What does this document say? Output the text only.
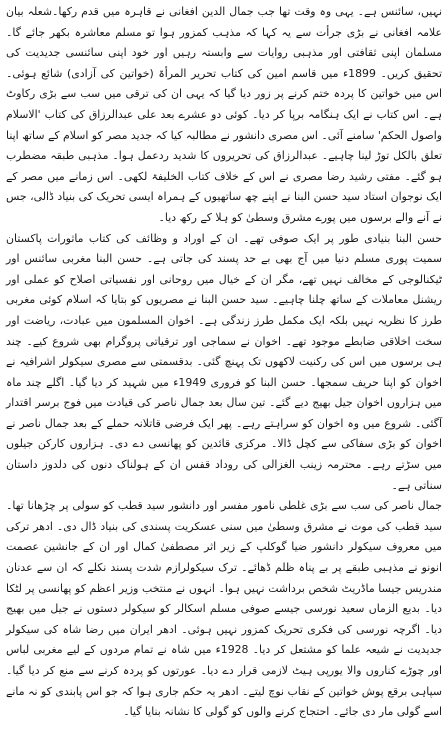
نہیں، سائنس ہے۔ یہی وہ وقت تھا جب جمال الدین افغانی نے قاہرہ میں قدم رکھا۔شعلہ بیان علامہ افغانی نے بڑی جرأت سے یہ کہا کہ مذہب کمزور ہوا تو مسلم معاشرہ بکھر جائے گا۔ مسلمان اپنی ثقافتی اور مذہبی روایات سے وابستہ رہیں اور خود اپنی سائنسی جدیدیت کی تحقیق کریں۔ 1899ء میں قاسم امین کی کتاب تحریر المرأۃ (خواتین کی آزادی) شائع ہوئی۔ اس میں خواتین کا پردہ ختم کرنے پر زور دیا گیا کہ یہی ان کی ترقی میں سب سے بڑی رکاوٹ ہے۔ اس کتاب نے ایک ہنگامہ برپا کر دیا۔ کوئی دو عشرے بعد علی عبدالرزاق کی کتاب 'الاسلام واصول الحکم' سامنے آئی۔ اس مصری دانشور نے مطالبہ کیا کہ جدید مصر کو اسلام کے ساتھ اپنا تعلق بالکل توڑ لینا چاہیے۔ عبدالرزاق کی تحریروں کا شدید ردعمل ہوا۔ مذہبی طبقہ مضطرب ہو گئے۔ مفتی رشید رضا مصری نے اس کے خلاف کتاب الخلیفۃ لکھی۔ اس زمانے میں مصر کے ایک نوجوان استاد سید حسن البنا نے اپنے چھ ساتھیوں کے ہمراہ ایسی تحریک کی بنیاد ڈالی، جس نے آنے والے برسوں میں پورے مشرق وسطیٰ کو ہلا کے رکھ دیا۔

حسن البنا بنیادی طور پر ایک صوفی تھے۔ ان کے اوراد و وظائف کی کتاب ماثورات پاکستان سمیت پوری مسلم دنیا میں آج بھی بے حد پسند کی جاتی ہے۔ حسن البنا مغربی سائنس اور ٹیکنالوجی کے مخالف نہیں تھے، مگر ان کے خیال میں روحانی اور نفسیاتی اصلاح کو عملی اور ریشنل معاملات کے ساتھ چلنا چاہیے۔ سید حسن البنا نے مصریوں کو بتایا کہ اسلام کوئی مغربی طرز کا نظریہ نہیں بلکہ ایک مکمل طرز زندگی ہے۔ اخوان المسلمون میں عبادت، ریاضت اور سخت اخلاقی ضابطے موجود تھے۔ اخوان نے سماجی اور ترقیاتی پروگرام بھی شروع کیے۔ چند ہی برسوں میں اس کی رکنیت لاکھوں تک پہنچ گئی۔ بدقسمتی سے مصری سیکولر اشرافیہ نے اخوان کو اپنا حریف سمجھا۔ حسن البنا کو فروری 1949ء میں شہید کر دیا گیا۔ اگلے چند ماہ میں ہزاروں اخوان جیل بھیج دیے گئے۔ تین سال بعد جمال ناصر کی قیادت میں فوج برسر اقتدار آگئی۔ شروع میں وہ اخوان کو سراہتے رہے۔ پھر ایک فرضی قاتلانہ حملے کے بعد جمال ناصر نے اخوان کو بڑی سفاکی سے کچل ڈالا۔ مرکزی قائدین کو پھانسی دے دی۔ ہزاروں کارکن جیلوں میں سڑتے رہے۔ محترمہ زینب الغزالی کی روداد قفس ان کے ہولناک دنوں کی دلدوز داستان سناتی ہے۔

جمال ناصر کی سب سے بڑی غلطی نامور مفسر اور دانشور سید قطب کو سولی پر چڑھانا تھا۔ سید قطب کی موت نے مشرق وسطیٰ میں سنی عسکریت پسندی کی بنیاد ڈال دی۔ ادھر ترکی میں معروف سیکولر دانشور ضیا گوکلپ کے زیر اثر مصطفیٰ کمال اور ان کے جانشین عصمت انونو نے مذہبی طبقے پر بے پناہ ظلم ڈھائے۔ ترک سیکولرازم شدت پسند نکلے کہ ان سے عدنان مندریس جیسا ماڈریٹ شخص برداشت نہیں ہوا۔ انہوں نے منتخب وزیر اعظم کو پھانسی پر لٹکا دیا۔ بدیع الزماں سعید نورسی جیسے صوفی مسلم اسکالر کو سیکولر دستوں نے جیل میں بھیج دیا۔ اگرچہ نورسی کی فکری تحریک کمزور نہیں ہوئی۔ ادھر ایران میں رضا شاہ کی سیکولر جدیدیت نے شیعہ علما کو مشتعل کر دیا۔ 1928ء میں شاہ نے تمام مردوں کے لیے مغربی لباس اور چوڑے کناروں والا یورپی ہیٹ لازمی قرار دے دیا۔ عورتوں کو پردہ کرنے سے منع کر دیا گیا۔ سپاہی برقع پوش خواتین کے نقاب نوچ لیتے۔ ادھر یہ حکم جاری ہوا کہ جو اس پابندی کو نہ مانے اسے گولی مار دی جائے۔ احتجاج کرنے والوں کو گولی کا نشانہ بنایا گیا۔
